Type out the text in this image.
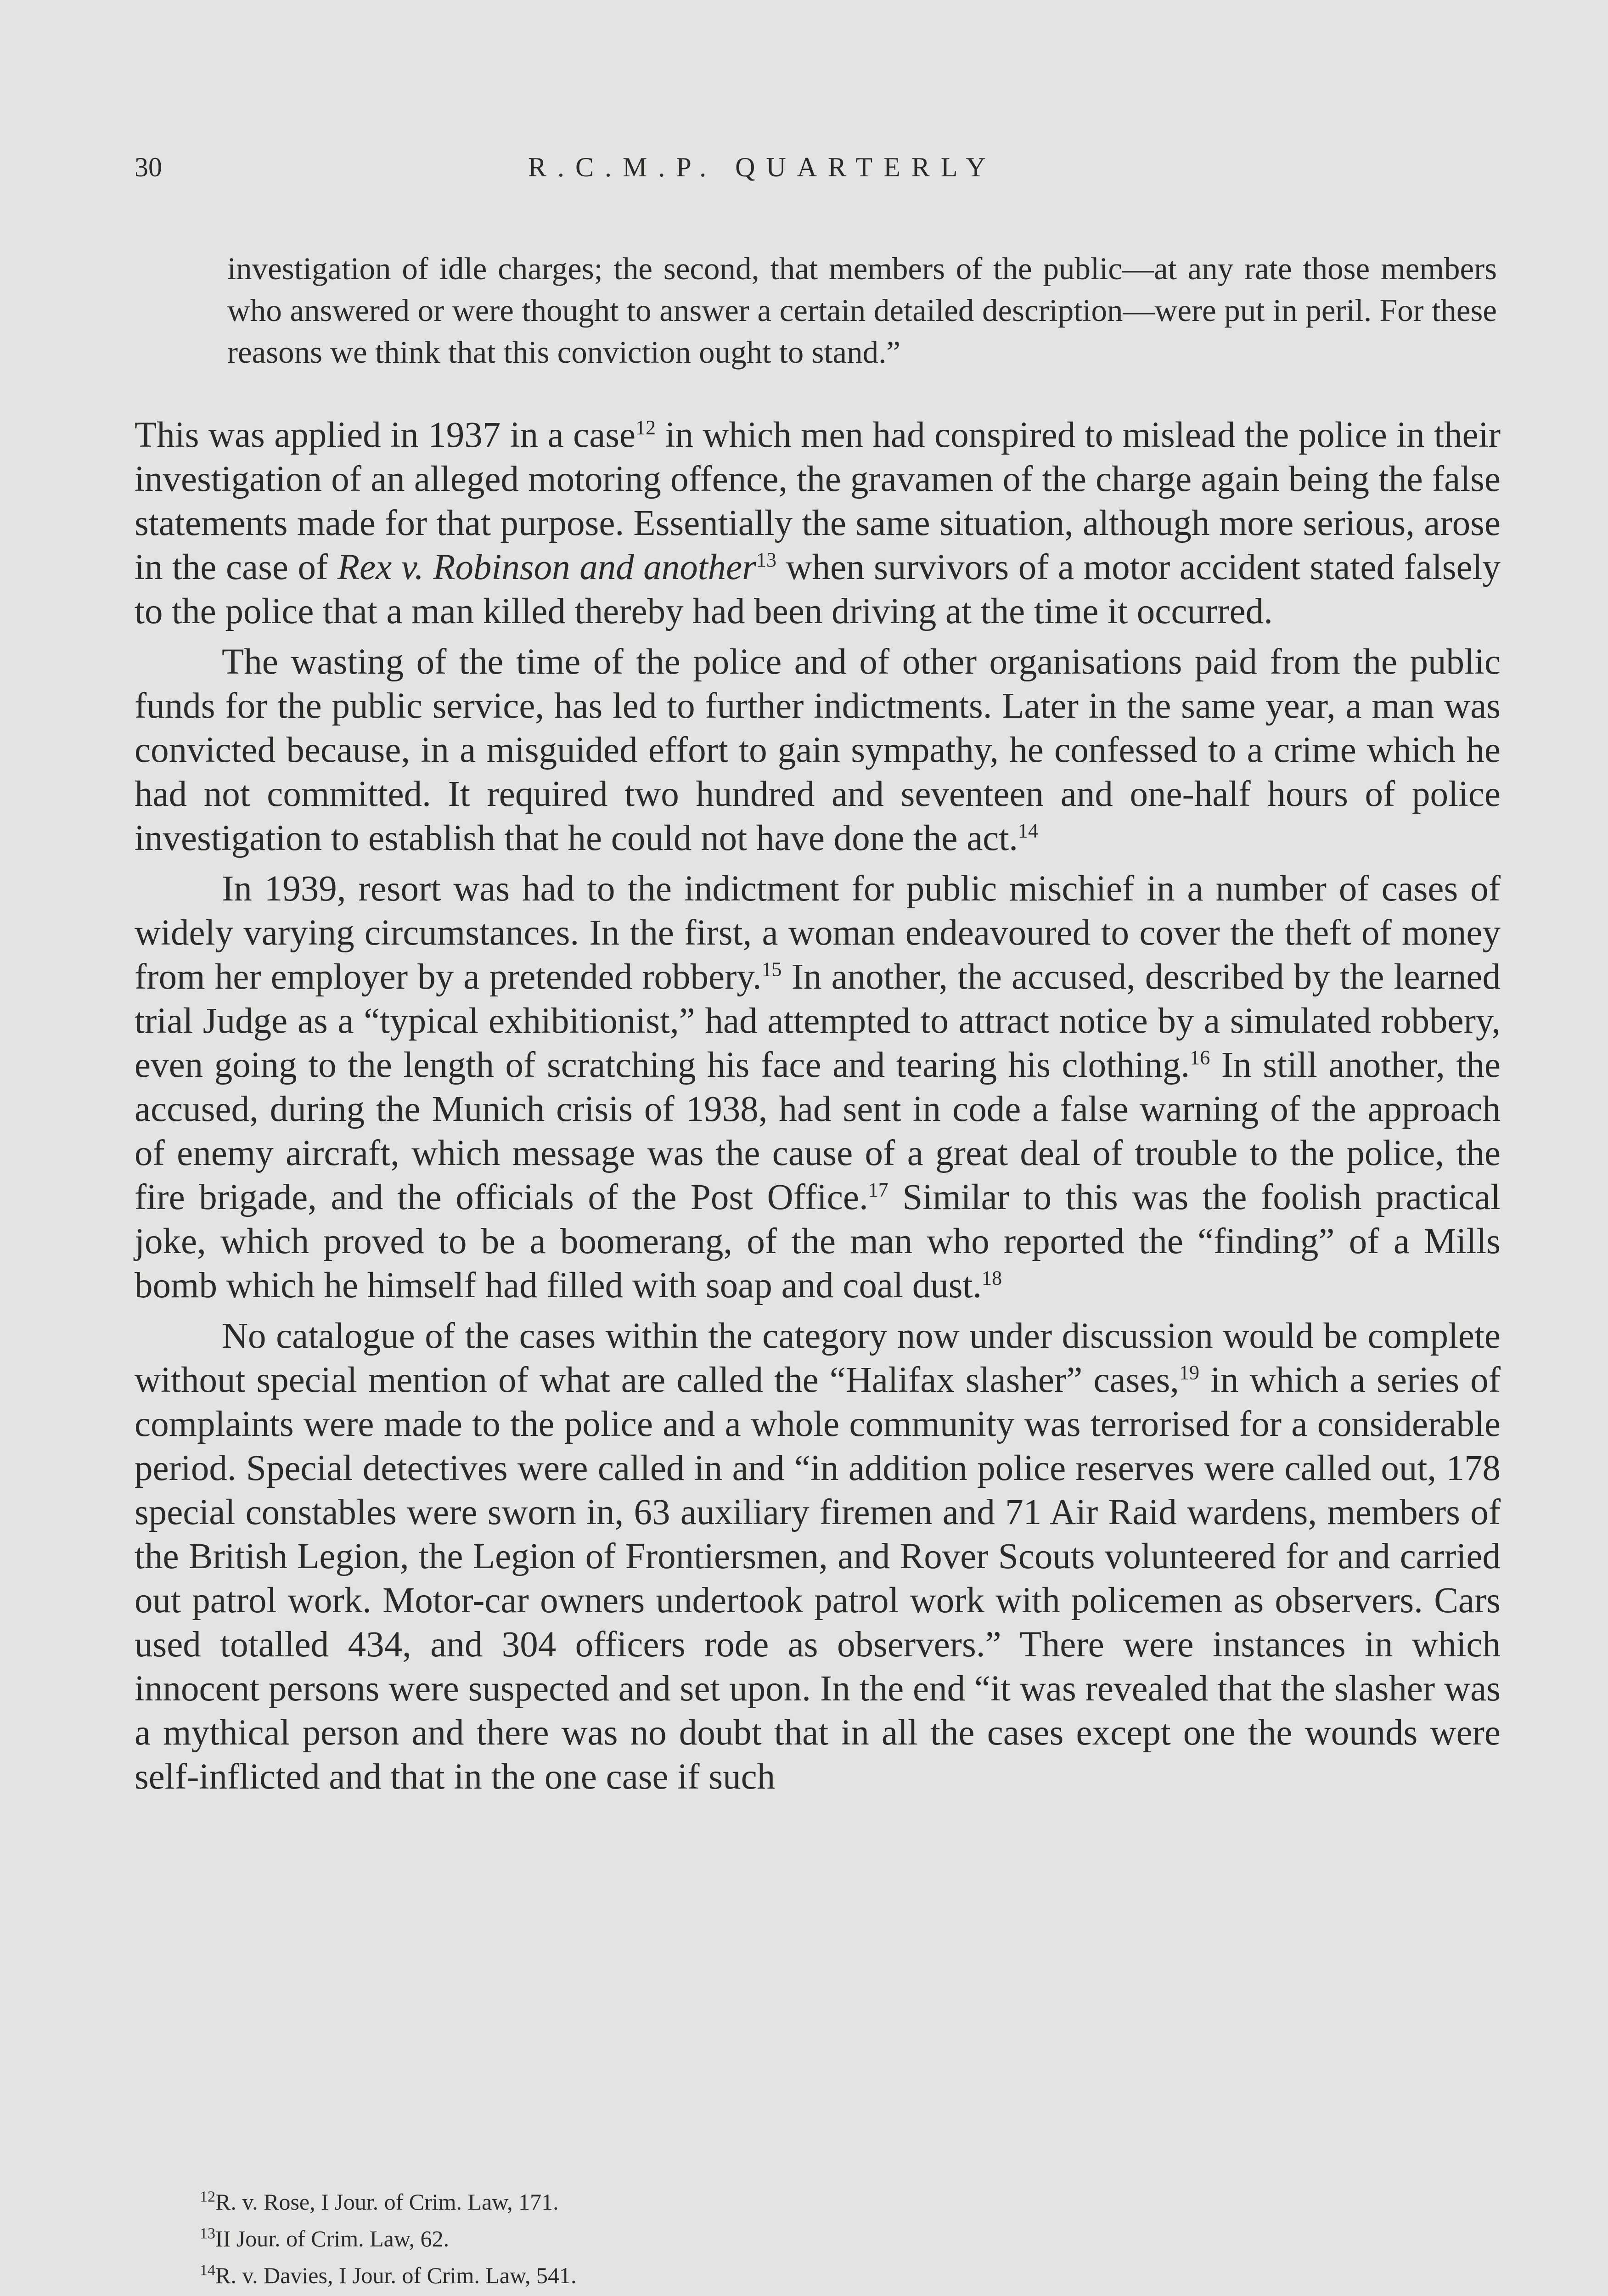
30	R.C.M.P. QUARTERLY

investigation of idle charges; the second, that members of the public—at any rate those members who answered or were thought to answer a certain detailed description—were put in peril. For these reasons we think that this conviction ought to stand.”

This was applied in 1937 in a case$^{12}$ in which men had conspired to mislead the police in their investigation of an alleged motoring offence, the gravamen of the charge again being the false statements made for that purpose. Essentially the same situation, although more serious, arose in the case of Rex v. Robinson and another$^{13}$ when survivors of a motor accident stated falsely to the police that a man killed thereby had been driving at the time it occurred.

The wasting of the time of the police and of other organisations paid from the public funds for the public service, has led to further indictments. Later in the same year, a man was convicted because, in a misguided effort to gain sympathy, he confessed to a crime which he had not committed. It required two hundred and seventeen and one-half hours of police investigation to establish that he could not have done the act.$^{14}$

In 1939, resort was had to the indictment for public mischief in a number of cases of widely varying circumstances. In the first, a woman endeavoured to cover the theft of money from her employer by a pretended robbery.$^{15}$ In another, the accused, described by the learned trial Judge as a “typical exhibitionist,” had attempted to attract notice by a simulated robbery, even going to the length of scratching his face and tearing his clothing.$^{16}$ In still another, the accused, during the Munich crisis of 1938, had sent in code a false warning of the approach of enemy aircraft, which message was the cause of a great deal of trouble to the police, the fire brigade, and the officials of the Post Office.$^{17}$ Similar to this was the foolish practical joke, which proved to be a boomerang, of the man who reported the “finding” of a Mills bomb which he himself had filled with soap and coal dust.$^{18}$

No catalogue of the cases within the category now under discussion would be complete without special mention of what are called the “Halifax slasher” cases,$^{19}$ in which a series of complaints were made to the police and a whole community was terrorised for a considerable period. Special detectives were called in and “in addition police reserves were called out, 178 special constables were sworn in, 63 auxiliary firemen and 71 Air Raid wardens, members of the British Legion, the Legion of Frontiersmen, and Rover Scouts volunteered for and carried out patrol work. Motor-car owners undertook patrol work with policemen as observers. Cars used totalled 434, and 304 officers rode as observers.” There were instances in which innocent persons were suspected and set upon. In the end “it was revealed that the slasher was a mythical person and there was no doubt that in all the cases except one the wounds were self-inflicted and that in the one case if such

$^{12}$R. v. Rose, I Jour. of Crim. Law, 171.
$^{13}$II Jour. of Crim. Law, 62.
$^{14}$R. v. Davies, I Jour. of Crim. Law, 541.
